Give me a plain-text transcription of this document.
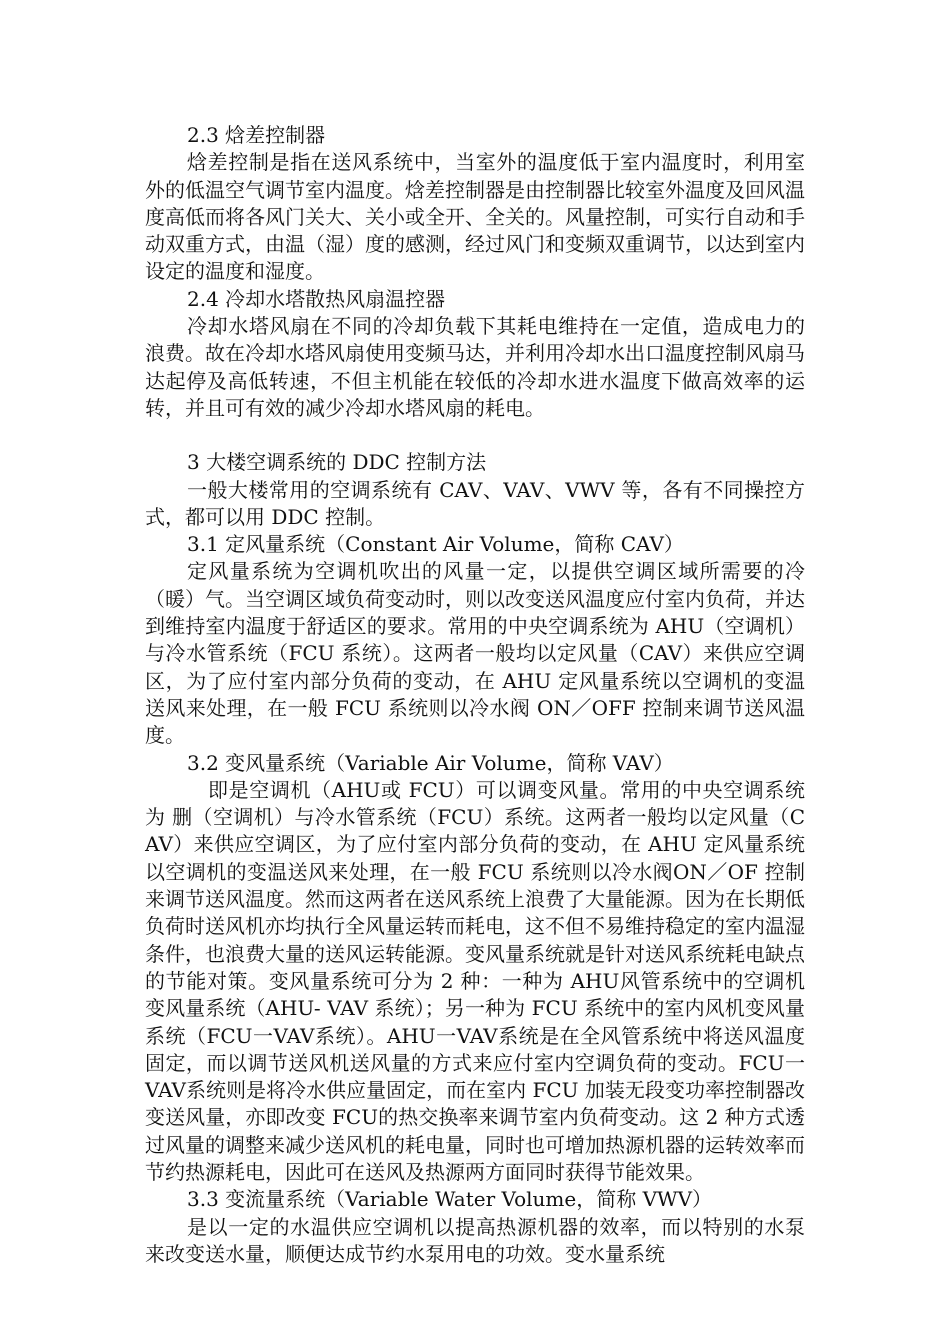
2.3 焓差控制器

焓差控制是指在送风系统中，当室外的温度低于室内温度时，利用室外的低温空气调节室内温度。焓差控制器是由控制器比较室外温度及回风温度高低而将各风门关大、关小或全开、全关的。风量控制，可实行自动和手动双重方式，由温（湿）度的感测，经过风门和变频双重调节，以达到室内设定的温度和湿度。

2.4 冷却水塔散热风扇温控器

冷却水塔风扇在不同的冷却负载下其耗电维持在一定值，造成电力的浪费。故在冷却水塔风扇使用变频马达，并利用冷却水出口温度控制风扇马达起停及高低转速，不但主机能在较低的冷却水进水温度下做高效率的运转，并且可有效的减少冷却水塔风扇的耗电。

3 大楼空调系统的 DDC 控制方法

一般大楼常用的空调系统有 CAV、VAV、VWV 等，各有不同操控方式，都可以用 DDC 控制。

3.1 定风量系统（Constant Air Volume，简称 CAV）

定风量系统为空调机吹出的风量一定，以提供空调区域所需要的冷（暖）气。当空调区域负荷变动时，则以改变送风温度应付室内负荷，并达到维持室内温度于舒适区的要求。常用的中央空调系统为 AHU（空调机）与冷水管系统（FCU 系统）。这两者一般均以定风量（CAV）来供应空调区，为了应付室内部分负荷的变动，在 AHU 定风量系统以空调机的变温送风来处理，在一般 FCU 系统则以冷水阀 ON／OFF 控制来调节送风温度。

3.2 变风量系统（Variable Air Volume，简称 VAV）

即是空调机（AHU或 FCU）可以调变风量。常用的中央空调系统为 删（空调机）与冷水管系统（FCU）系统。这两者一般均以定风量（CAV）来供应空调区，为了应付室内部分负荷的变动，在 AHU 定风量系统以空调机的变温送风来处理，在一般 FCU 系统则以冷水阀ON／OF 控制来调节送风温度。然而这两者在送风系统上浪费了大量能源。因为在长期低负荷时送风机亦均执行全风量运转而耗电，这不但不易维持稳定的室内温湿条件，也浪费大量的送风运转能源。变风量系统就是针对送风系统耗电缺点的节能对策。变风量系统可分为 2 种：一种为 AHU风管系统中的空调机变风量系统（AHU- VAV 系统）；另一种为 FCU 系统中的室内风机变风量系统（FCU一VAV系统）。AHU一VAV系统是在全风管系统中将送风温度固定，而以调节送风机送风量的方式来应付室内空调负荷的变动。FCU一 VAV系统则是将冷水供应量固定，而在室内 FCU 加装无段变功率控制器改变送风量，亦即改变 FCU的热交换率来调节室内负荷变动。这 2 种方式透过风量的调整来减少送风机的耗电量，同时也可增加热源机器的运转效率而节约热源耗电，因此可在送风及热源两方面同时获得节能效果。

3.3 变流量系统（Variable Water Volume，简称 VWV）

是以一定的水温供应空调机以提高热源机器的效率，而以特别的水泵来改变送水量，顺便达成节约水泵用电的功效。变水量系统
